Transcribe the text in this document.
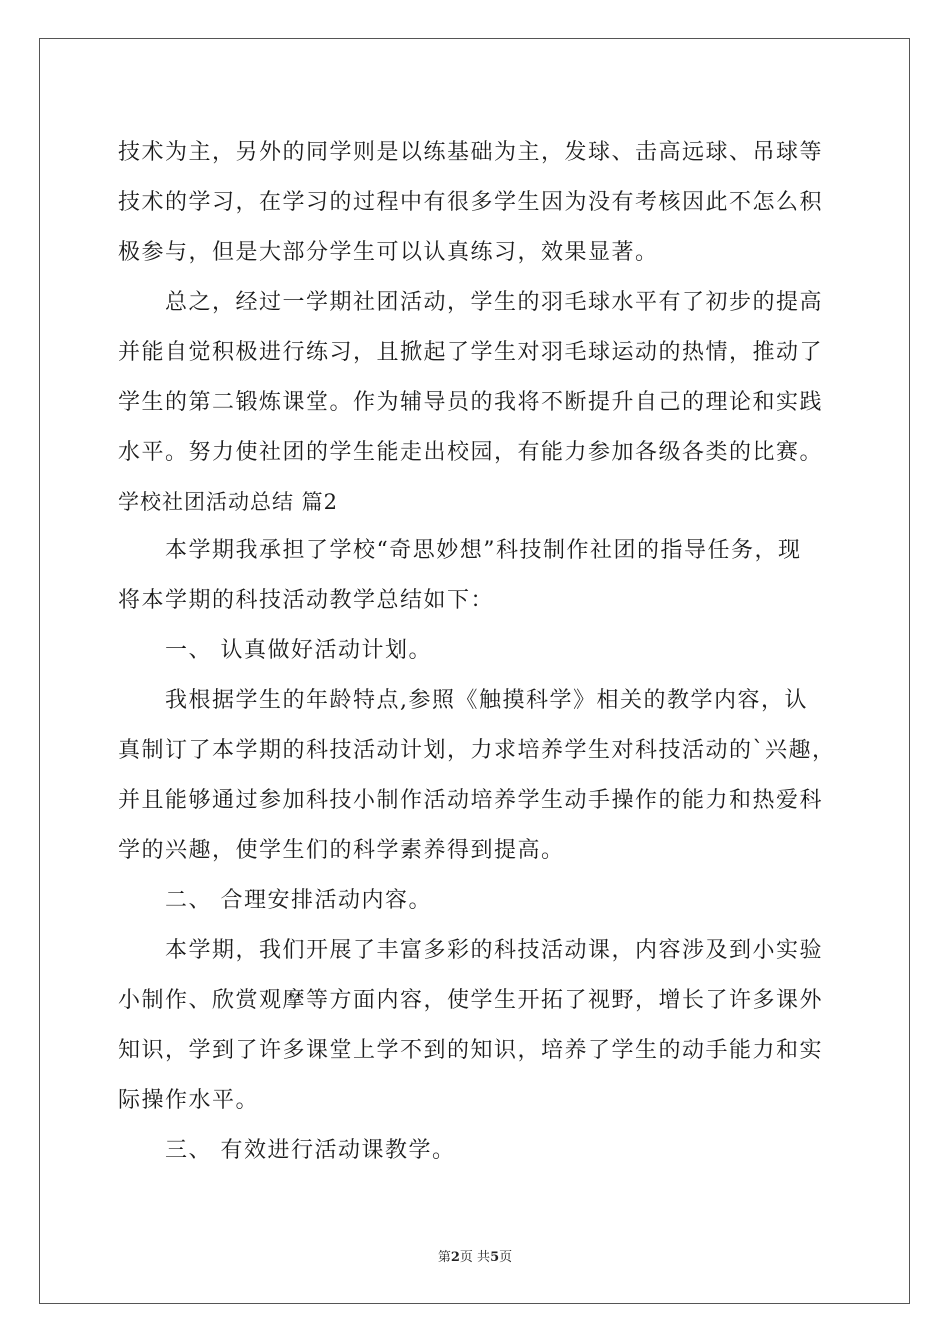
技术为主，另外的同学则是以练基础为主，发球、击高远球、吊球等
技术的学习，在学习的过程中有很多学生因为没有考核因此不怎么积
极参与，但是大部分学生可以认真练习，效果显著。
　　总之，经过一学期社团活动，学生的羽毛球水平有了初步的提高
并能自觉积极进行练习，且掀起了学生对羽毛球运动的热情，推动了
学生的第二锻炼课堂。作为辅导员的我将不断提升自己的理论和实践
水平。努力使社团的学生能走出校园，有能力参加各级各类的比赛。
学校社团活动总结 篇2
　　本学期我承担了学校“奇思妙想”科技制作社团的指导任务，现
将本学期的科技活动教学总结如下：
　　一、 认真做好活动计划。
　　我根据学生的年龄特点,参照《触摸科学》相关的教学内容，认
真制订了本学期的科技活动计划，力求培养学生对科技活动的`兴趣，
并且能够通过参加科技小制作活动培养学生动手操作的能力和热爱科
学的兴趣，使学生们的科学素养得到提高。
　　二、 合理安排活动内容。
　　本学期，我们开展了丰富多彩的科技活动课，内容涉及到小实验
小制作、欣赏观摩等方面内容，使学生开拓了视野，增长了许多课外
知识，学到了许多课堂上学不到的知识，培养了学生的动手能力和实
际操作水平。
　　三、 有效进行活动课教学。
第2页 共5页
